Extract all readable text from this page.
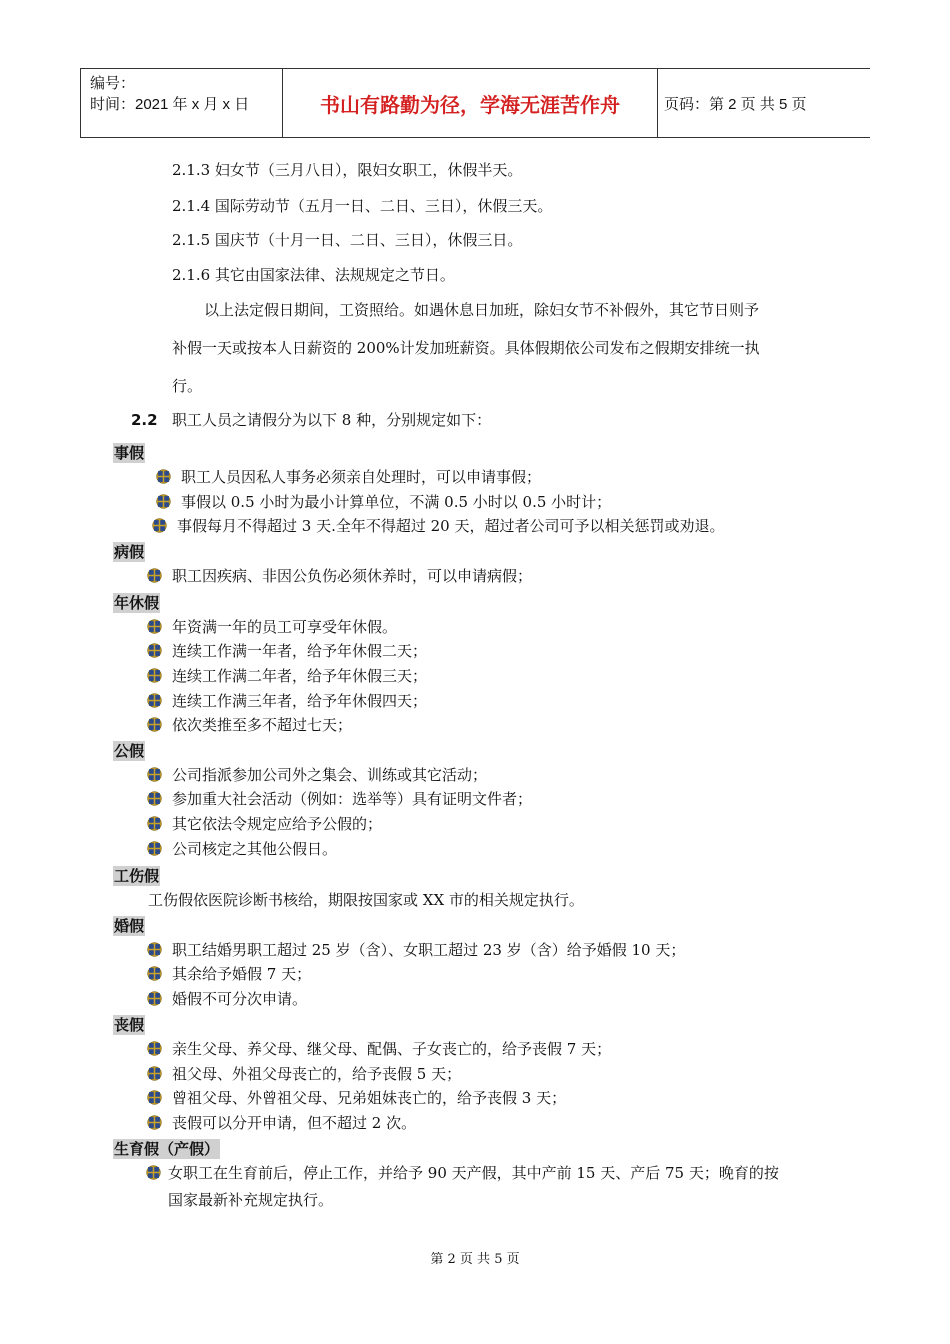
编号：
时间：2021 年 x 月 x 日	书山有路勤为径，学海无涯苦作舟	页码：第 2 页 共 5 页
2.1.3 妇女节（三月八日），限妇女职工，休假半天。
2.1.4 国际劳动节（五月一日、二日、三日），休假三天。
2.1.5 国庆节（十月一日、二日、三日），休假三日。
2.1.6 其它由国家法律、法规规定之节日。
以上法定假日期间，工资照给。如遇休息日加班，除妇女节不补假外，其它节日则予
补假一天或按本人日薪资的 200%计发加班薪资。具体假期依公司发布之假期安排统一执
行。
2.2 职工人员之请假分为以下 8 种，分别规定如下：
事假
职工人员因私人事务必须亲自处理时，可以申请事假；
事假以 0.5 小时为最小计算单位，不满 0.5 小时以 0.5 小时计；
事假每月不得超过 3 天.全年不得超过 20 天，超过者公司可予以相关惩罚或劝退。
病假
职工因疾病、非因公负伤必须休养时，可以申请病假；
年休假
年资满一年的员工可享受年休假。
连续工作满一年者，给予年休假二天；
连续工作满二年者，给予年休假三天；
连续工作满三年者，给予年休假四天；
依次类推至多不超过七天；
公假
公司指派参加公司外之集会、训练或其它活动；
参加重大社会活动（例如：选举等）具有证明文件者；
其它依法令规定应给予公假的；
公司核定之其他公假日。
工伤假
工伤假依医院诊断书核给，期限按国家或 XX 市的相关规定执行。
婚假
职工结婚男职工超过 25 岁（含）、女职工超过 23 岁（含）给予婚假 10 天；
其余给予婚假 7 天；
婚假不可分次申请。
丧假
亲生父母、养父母、继父母、配偶、子女丧亡的，给予丧假 7 天；
祖父母、外祖父母丧亡的，给予丧假 5 天；
曾祖父母、外曾祖父母、兄弟姐妹丧亡的，给予丧假 3 天；
丧假可以分开申请，但不超过 2 次。
生育假（产假）
女职工在生育前后，停止工作，并给予 90 天产假，其中产前 15 天、产后 75 天；晚育的按
国家最新补充规定执行。
第 2 页 共 5 页
